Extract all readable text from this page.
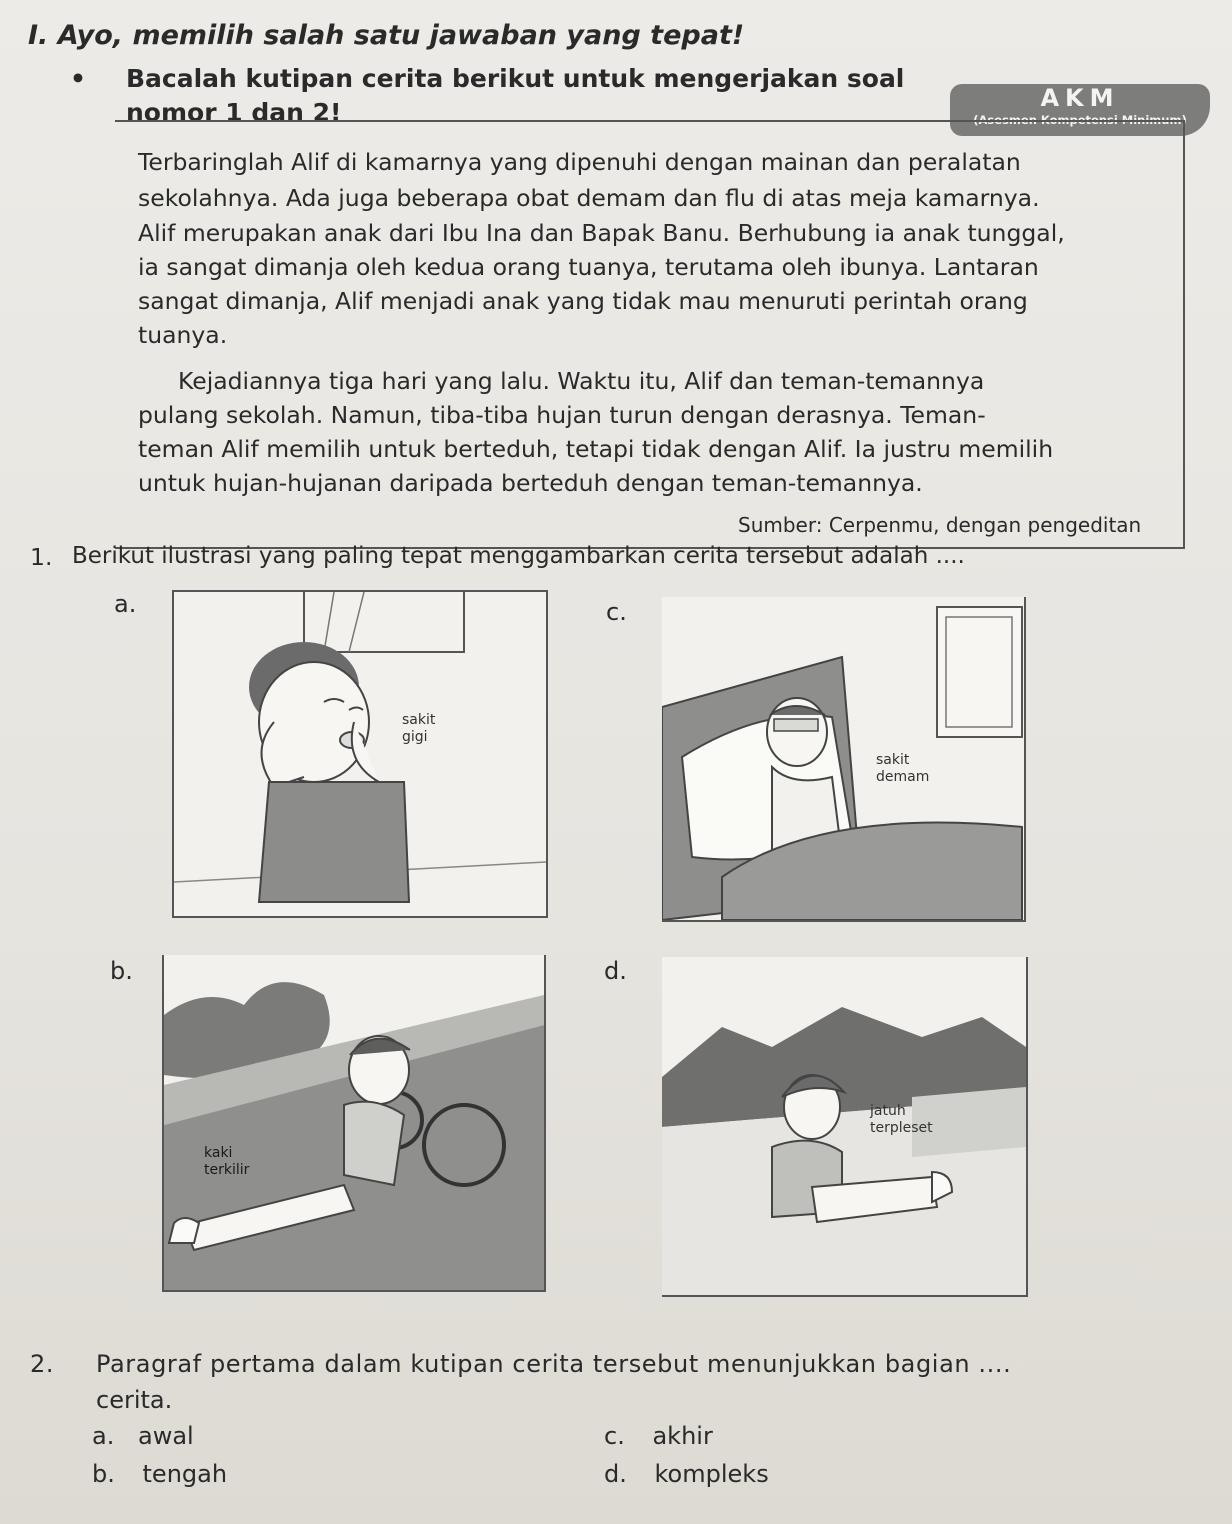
I. Ayo, memilih salah satu jawaban yang tepat!
• Bacalah kutipan cerita berikut untuk mengerjakan soal
nomor 1 dan 2!	AKM
(Asesmen Kompetensi Minimum)
Terbaringlah Alif di kamarnya yang dipenuhi dengan mainan dan peralatan
sekolahnya. Ada juga beberapa obat demam dan flu di atas meja kamarnya.
Alif merupakan anak dari Ibu Ina dan Bapak Banu. Berhubung ia anak tunggal,
ia sangat dimanja oleh kedua orang tuanya, terutama oleh ibunya. Lantaran
sangat dimanja, Alif menjadi anak yang tidak mau menuruti perintah orang
tuanya.
Kejadiannya tiga hari yang lalu. Waktu itu, Alif dan teman-temannya
pulang sekolah. Namun, tiba-tiba hujan turun dengan derasnya. Teman-
teman Alif memilih untuk berteduh, tetapi tidak dengan Alif. Ia justru memilih
untuk hujan-hujanan daripada berteduh dengan teman-temannya.
Sumber: Cerpenmu, dengan pengeditan
1. Berikut ilustrasi yang paling tepat menggambarkan cerita tersebut adalah ....
a.
sakit
gigi
c.
sakit
demam
b.
kaki
terkilir
d.
jatuh
terpleset
2. Paragraf pertama dalam kutipan cerita tersebut menunjukkan bagian ....
cerita.
a. awal
b. tengah
c. akhir
d. kompleks
